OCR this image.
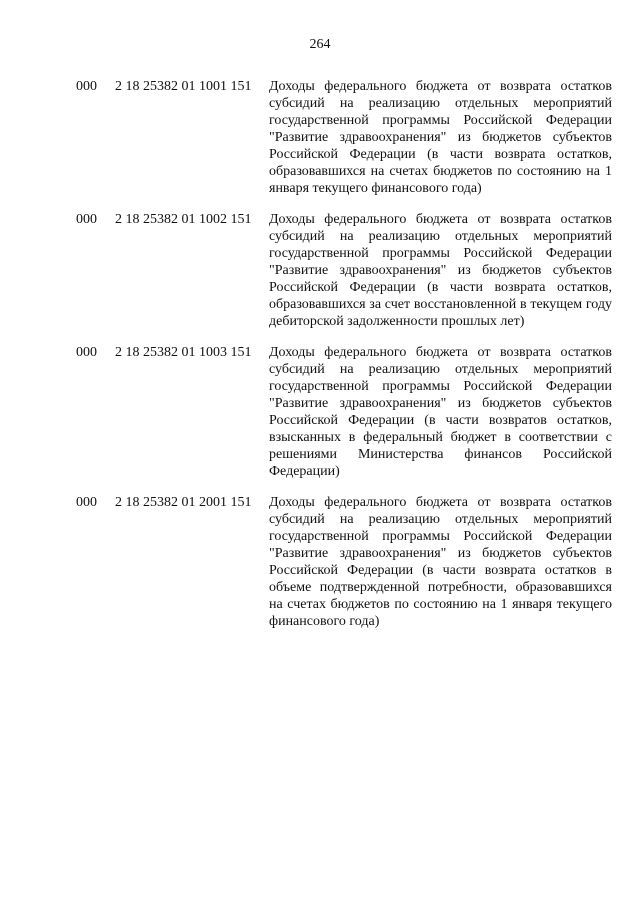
264
000 2 18 25382 01 1001 151 Доходы федерального бюджета от возврата остатков субсидий на реализацию отдельных мероприятий государственной программы Российской Федерации "Развитие здравоохранения" из бюджетов субъектов Российской Федерации (в части возврата остатков, образовавшихся на счетах бюджетов по состоянию на 1 января текущего финансового года)
000 2 18 25382 01 1002 151 Доходы федерального бюджета от возврата остатков субсидий на реализацию отдельных мероприятий государственной программы Российской Федерации "Развитие здравоохранения" из бюджетов субъектов Российской Федерации (в части возврата остатков, образовавшихся за счет восстановленной в текущем году дебиторской задолженности прошлых лет)
000 2 18 25382 01 1003 151 Доходы федерального бюджета от возврата остатков субсидий на реализацию отдельных мероприятий государственной программы Российской Федерации "Развитие здравоохранения" из бюджетов субъектов Российской Федерации (в части возвратов остатков, взысканных в федеральный бюджет в соответствии с решениями Министерства финансов Российской Федерации)
000 2 18 25382 01 2001 151 Доходы федерального бюджета от возврата остатков субсидий на реализацию отдельных мероприятий государственной программы Российской Федерации "Развитие здравоохранения" из бюджетов субъектов Российской Федерации (в части возврата остатков в объеме подтвержденной потребности, образовавшихся на счетах бюджетов по состоянию на 1 января текущего финансового года)
